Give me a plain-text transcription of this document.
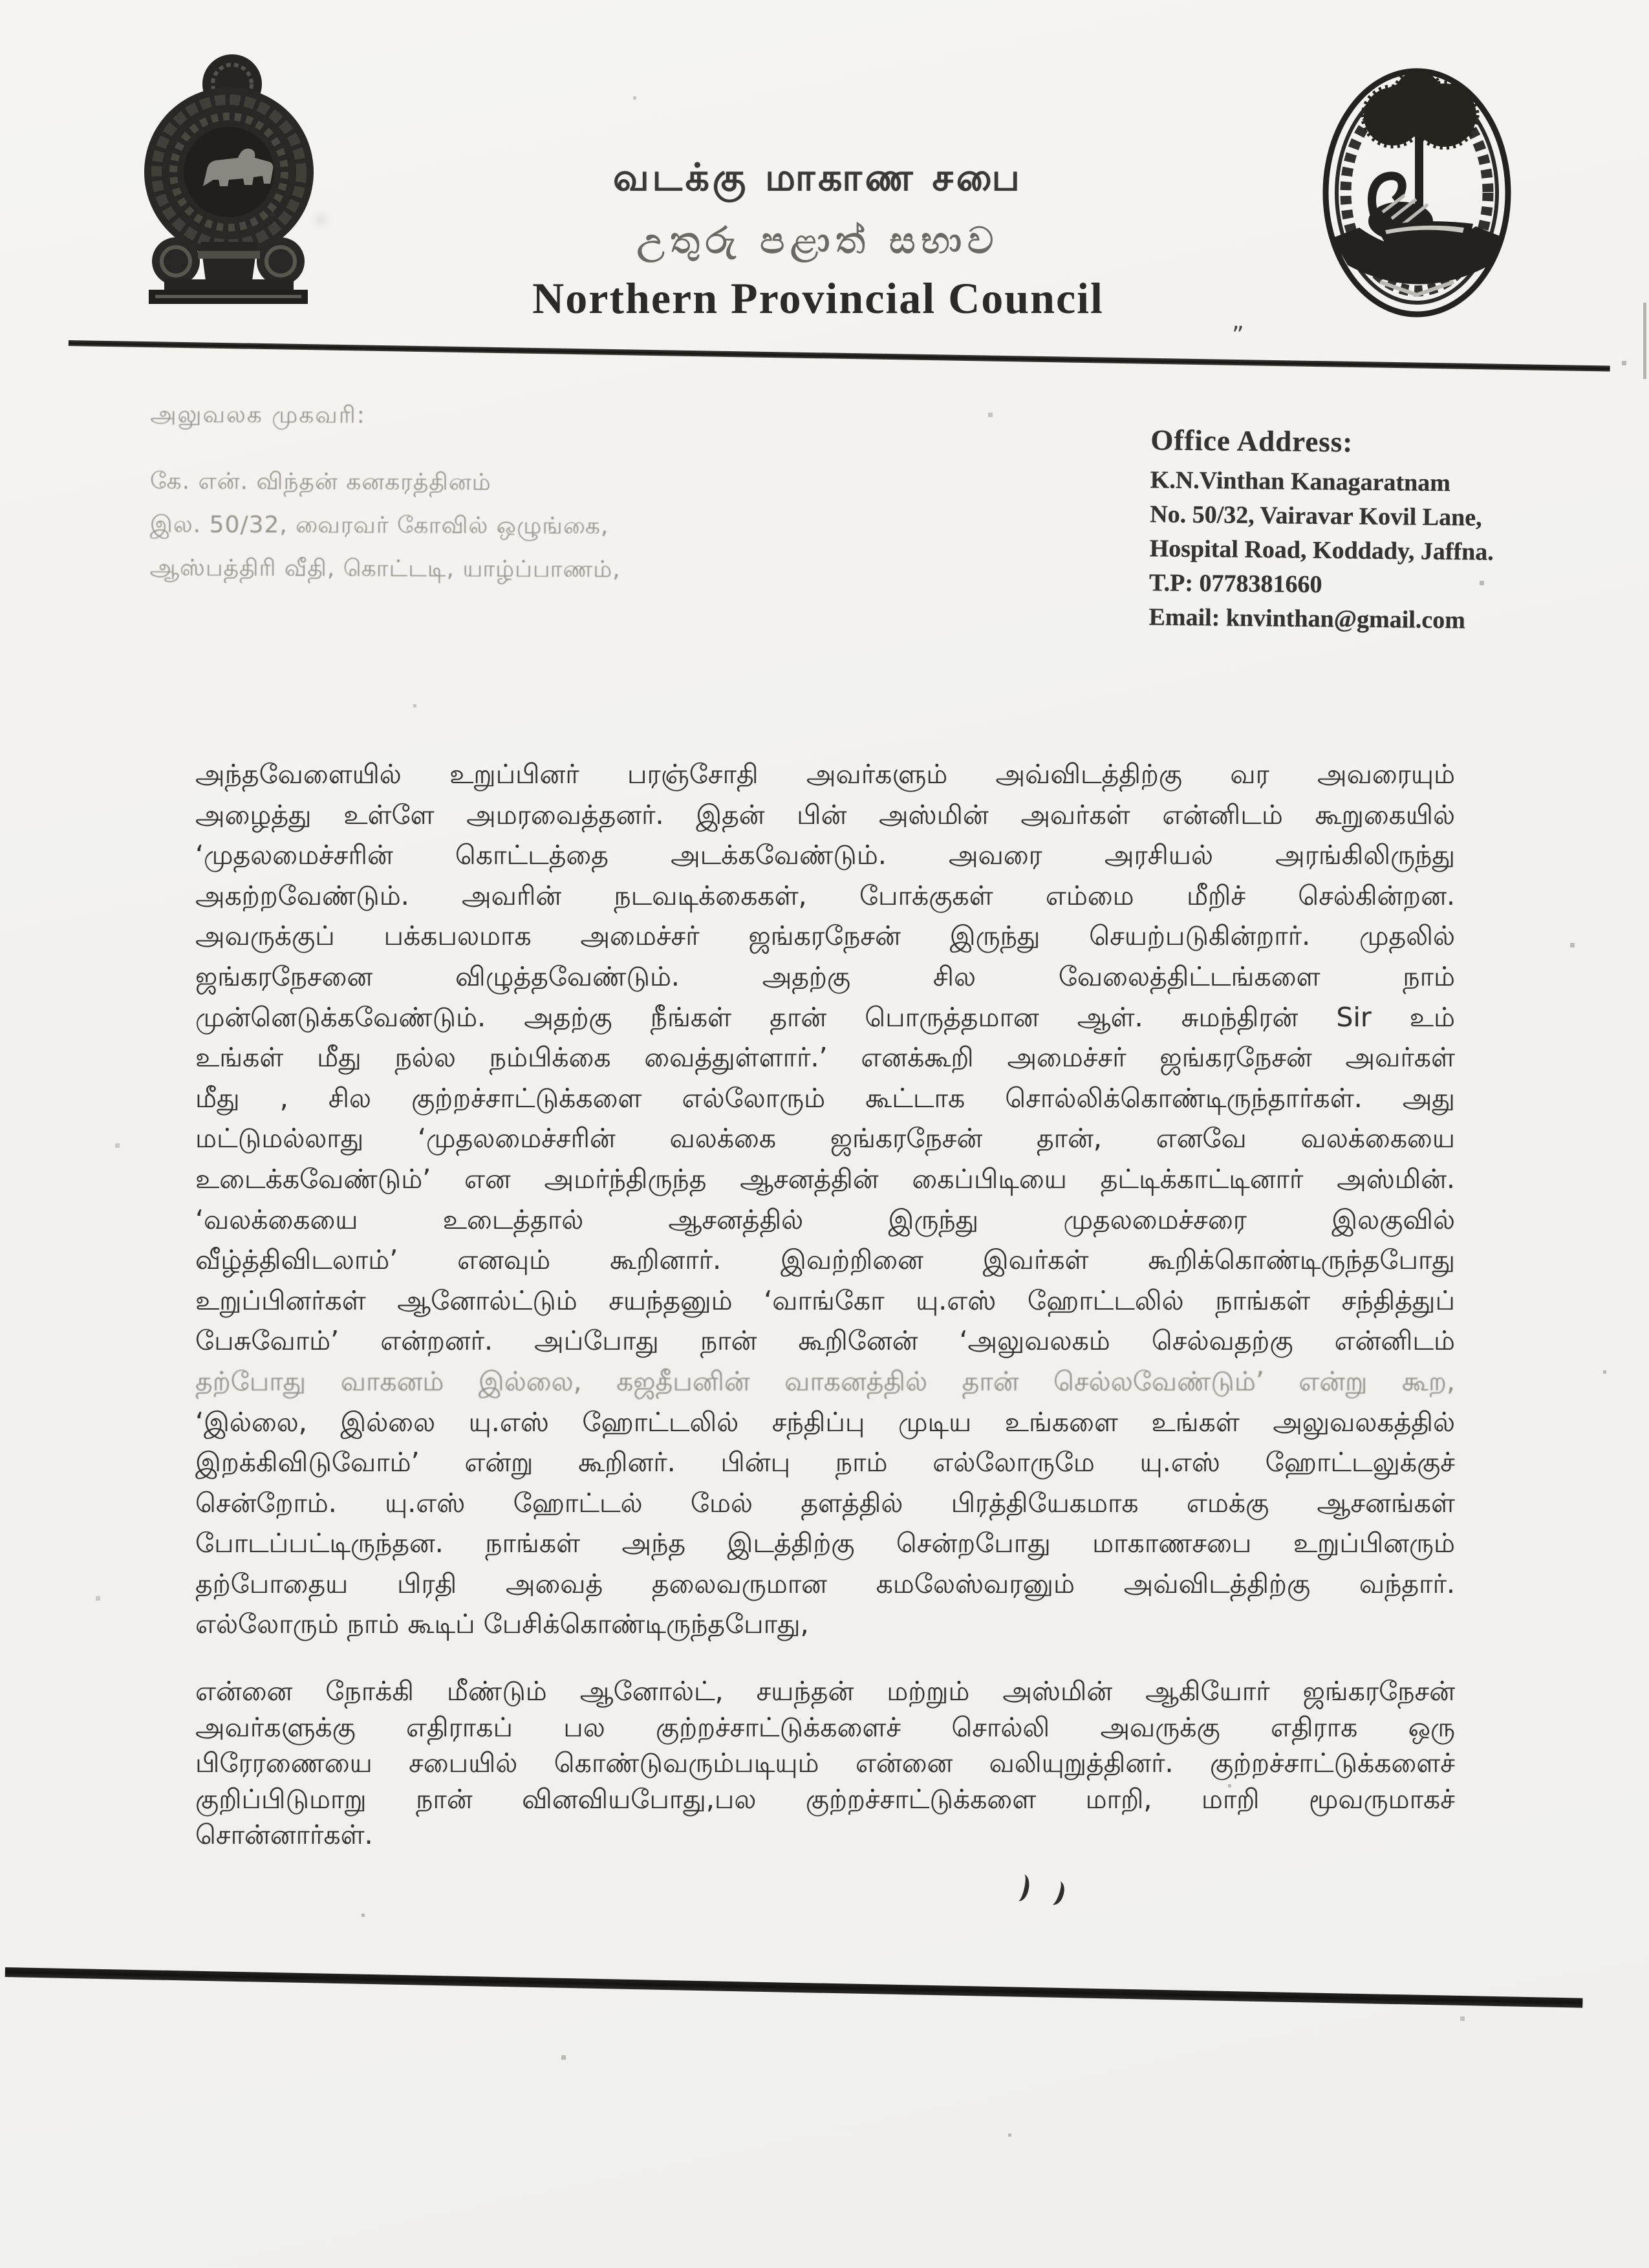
வடக்கு மாகாண சபை
උතුරු පළාත් සභාව
Northern Provincial Council
”
அலுவலக முகவரி:
கே. என். விந்தன் கனகரத்தினம்
இல. 50/32, வைரவர் கோவில் ஒழுங்கை,
ஆஸ்பத்திரி வீதி, கொட்டடி, யாழ்ப்பாணம்,
Office Address:
K.N.Vinthan Kanagaratnam
No. 50/32, Vairavar Kovil Lane,
Hospital Road, Koddady, Jaffna.
T.P: 0778381660
Email: knvinthan@gmail.com
அந்தவேளையில் உறுப்பினர் பரஞ்சோதி அவர்களும் அவ்விடத்திற்கு வர அவரையும்
அழைத்து உள்ளே அமரவைத்தனர். இதன் பின் அஸ்மின் அவர்கள் என்னிடம் கூறுகையில்
‘முதலமைச்சரின் கொட்டத்தை அடக்கவேண்டும். அவரை அரசியல் அரங்கிலிருந்து
அகற்றவேண்டும். அவரின் நடவடிக்கைகள், போக்குகள் எம்மை மீறிச் செல்கின்றன.
அவருக்குப் பக்கபலமாக அமைச்சர் ஜங்கரநேசன் இருந்து செயற்படுகின்றார். முதலில்
ஜங்கரநேசனை விழுத்தவேண்டும். அதற்கு சில வேலைத்திட்டங்களை நாம்
முன்னெடுக்கவேண்டும். அதற்கு நீங்கள் தான் பொருத்தமான ஆள். சுமந்திரன் Sir உம்
உங்கள் மீது நல்ல நம்பிக்கை வைத்துள்ளார்.’ எனக்கூறி அமைச்சர் ஜங்கரநேசன் அவர்கள்
மீது , சில குற்றச்சாட்டுக்களை எல்லோரும் கூட்டாக சொல்லிக்கொண்டிருந்தார்கள். அது
மட்டுமல்லாது ‘முதலமைச்சரின் வலக்கை ஜங்கரநேசன் தான், எனவே வலக்கையை
உடைக்கவேண்டும்’ என அமர்ந்திருந்த ஆசனத்தின் கைப்பிடியை தட்டிக்காட்டினார் அஸ்மின்.
‘வலக்கையை உடைத்தால் ஆசனத்தில் இருந்து முதலமைச்சரை இலகுவில்
வீழ்த்திவிடலாம்’ எனவும் கூறினார். இவற்றினை இவர்கள் கூறிக்கொண்டிருந்தபோது
உறுப்பினர்கள் ஆனோல்ட்டும் சயந்தனும் ‘வாங்கோ யு.எஸ் ஹோட்டலில் நாங்கள் சந்தித்துப்
பேசுவோம்’ என்றனர். அப்போது நான் கூறினேன் ‘அலுவலகம் செல்வதற்கு என்னிடம்
தற்போது வாகனம் இல்லை, கஜதீபனின் வாகனத்தில் தான் செல்லவேண்டும்’ என்று கூற,
‘இல்லை, இல்லை யு.எஸ் ஹோட்டலில் சந்திப்பு முடிய உங்களை உங்கள் அலுவலகத்தில்
இறக்கிவிடுவோம்’ என்று கூறினர். பின்பு நாம் எல்லோருமே யு.எஸ் ஹோட்டலுக்குச்
சென்றோம். யு.எஸ் ஹோட்டல் மேல் தளத்தில் பிரத்தியேகமாக எமக்கு ஆசனங்கள்
போடப்பட்டிருந்தன. நாங்கள் அந்த இடத்திற்கு சென்றபோது மாகாணசபை உறுப்பினரும்
தற்போதைய பிரதி அவைத் தலைவருமான கமலேஸ்வரனும் அவ்விடத்திற்கு வந்தார்.
எல்லோரும் நாம் கூடிப் பேசிக்கொண்டிருந்தபோது,
என்னை நோக்கி மீண்டும் ஆனோல்ட், சயந்தன் மற்றும் அஸ்மின் ஆகியோர் ஜங்கரநேசன்
அவர்களுக்கு எதிராகப் பல குற்றச்சாட்டுக்களைச் சொல்லி அவருக்கு எதிராக ஒரு
பிரேரணையை சபையில் கொண்டுவரும்படியும் என்னை வலியுறுத்தினர். குற்றச்சாட்டுக்களைச்
குறிப்பிடுமாறு நான் வினவியபோது,பல குற்றச்சாட்டுக்களை மாறி, மாறி மூவருமாகச்
சொன்னார்கள்.
